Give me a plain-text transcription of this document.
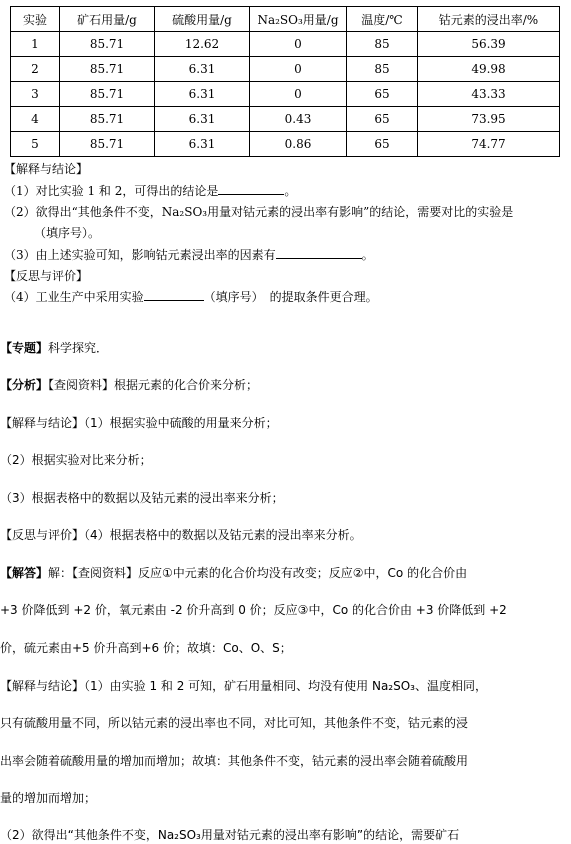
实验	矿石用量/g	硫酸用量/g	Na₂SO₃用量/g	温度/℃	钴元素的浸出率/%
1	85.71	12.62	0	85	56.39
2	85.71	6.31	0	85	49.98
3	85.71	6.31	0	65	43.33
4	85.71	6.31	0.43	65	73.95
5	85.71	6.31	0.86	65	74.77
【解释与结论】
（1）对比实验 1 和 2，可得出的结论是	。
（2）欲得出“其他条件不变，Na₂SO₃用量对钴元素的浸出率有影响”的结论，需要对比的实验是
（填序号）。
（3）由上述实验可知，影响钴元素浸出率的因素有	。
【反思与评价】
（4）工业生产中采用实验	（填序号）　的提取条件更合理。
【专题】科学探究．
【分析】【查阅资料】根据元素的化合价来分析；
【解释与结论】（1）根据实验中硫酸的用量来分析；
（2）根据实验对比来分析；
（3）根据表格中的数据以及钴元素的浸出率来分析；
【反思与评价】（4）根据表格中的数据以及钴元素的浸出率来分析。
【解答】解：【查阅资料】反应①中元素的化合价均没有改变；反应②中，Co 的化合价由
+3 价降低到 +2 价，氧元素由 -2 价升高到 0 价；反应③中，Co 的化合价由 +3 价降低到 +2
价，硫元素由+5 价升高到+6 价；故填：Co、O、S；
【解释与结论】（1）由实验 1 和 2 可知，矿石用量相同、均没有使用 Na₂SO₃、温度相同，
只有硫酸用量不同，所以钴元素的浸出率也不同，对比可知，其他条件不变，钴元素的浸
出率会随着硫酸用量的增加而增加；故填：其他条件不变，钴元素的浸出率会随着硫酸用
量的增加而增加；
（2）欲得出“其他条件不变，Na₂SO₃用量对钴元素的浸出率有影响”的结论，需要矿石
